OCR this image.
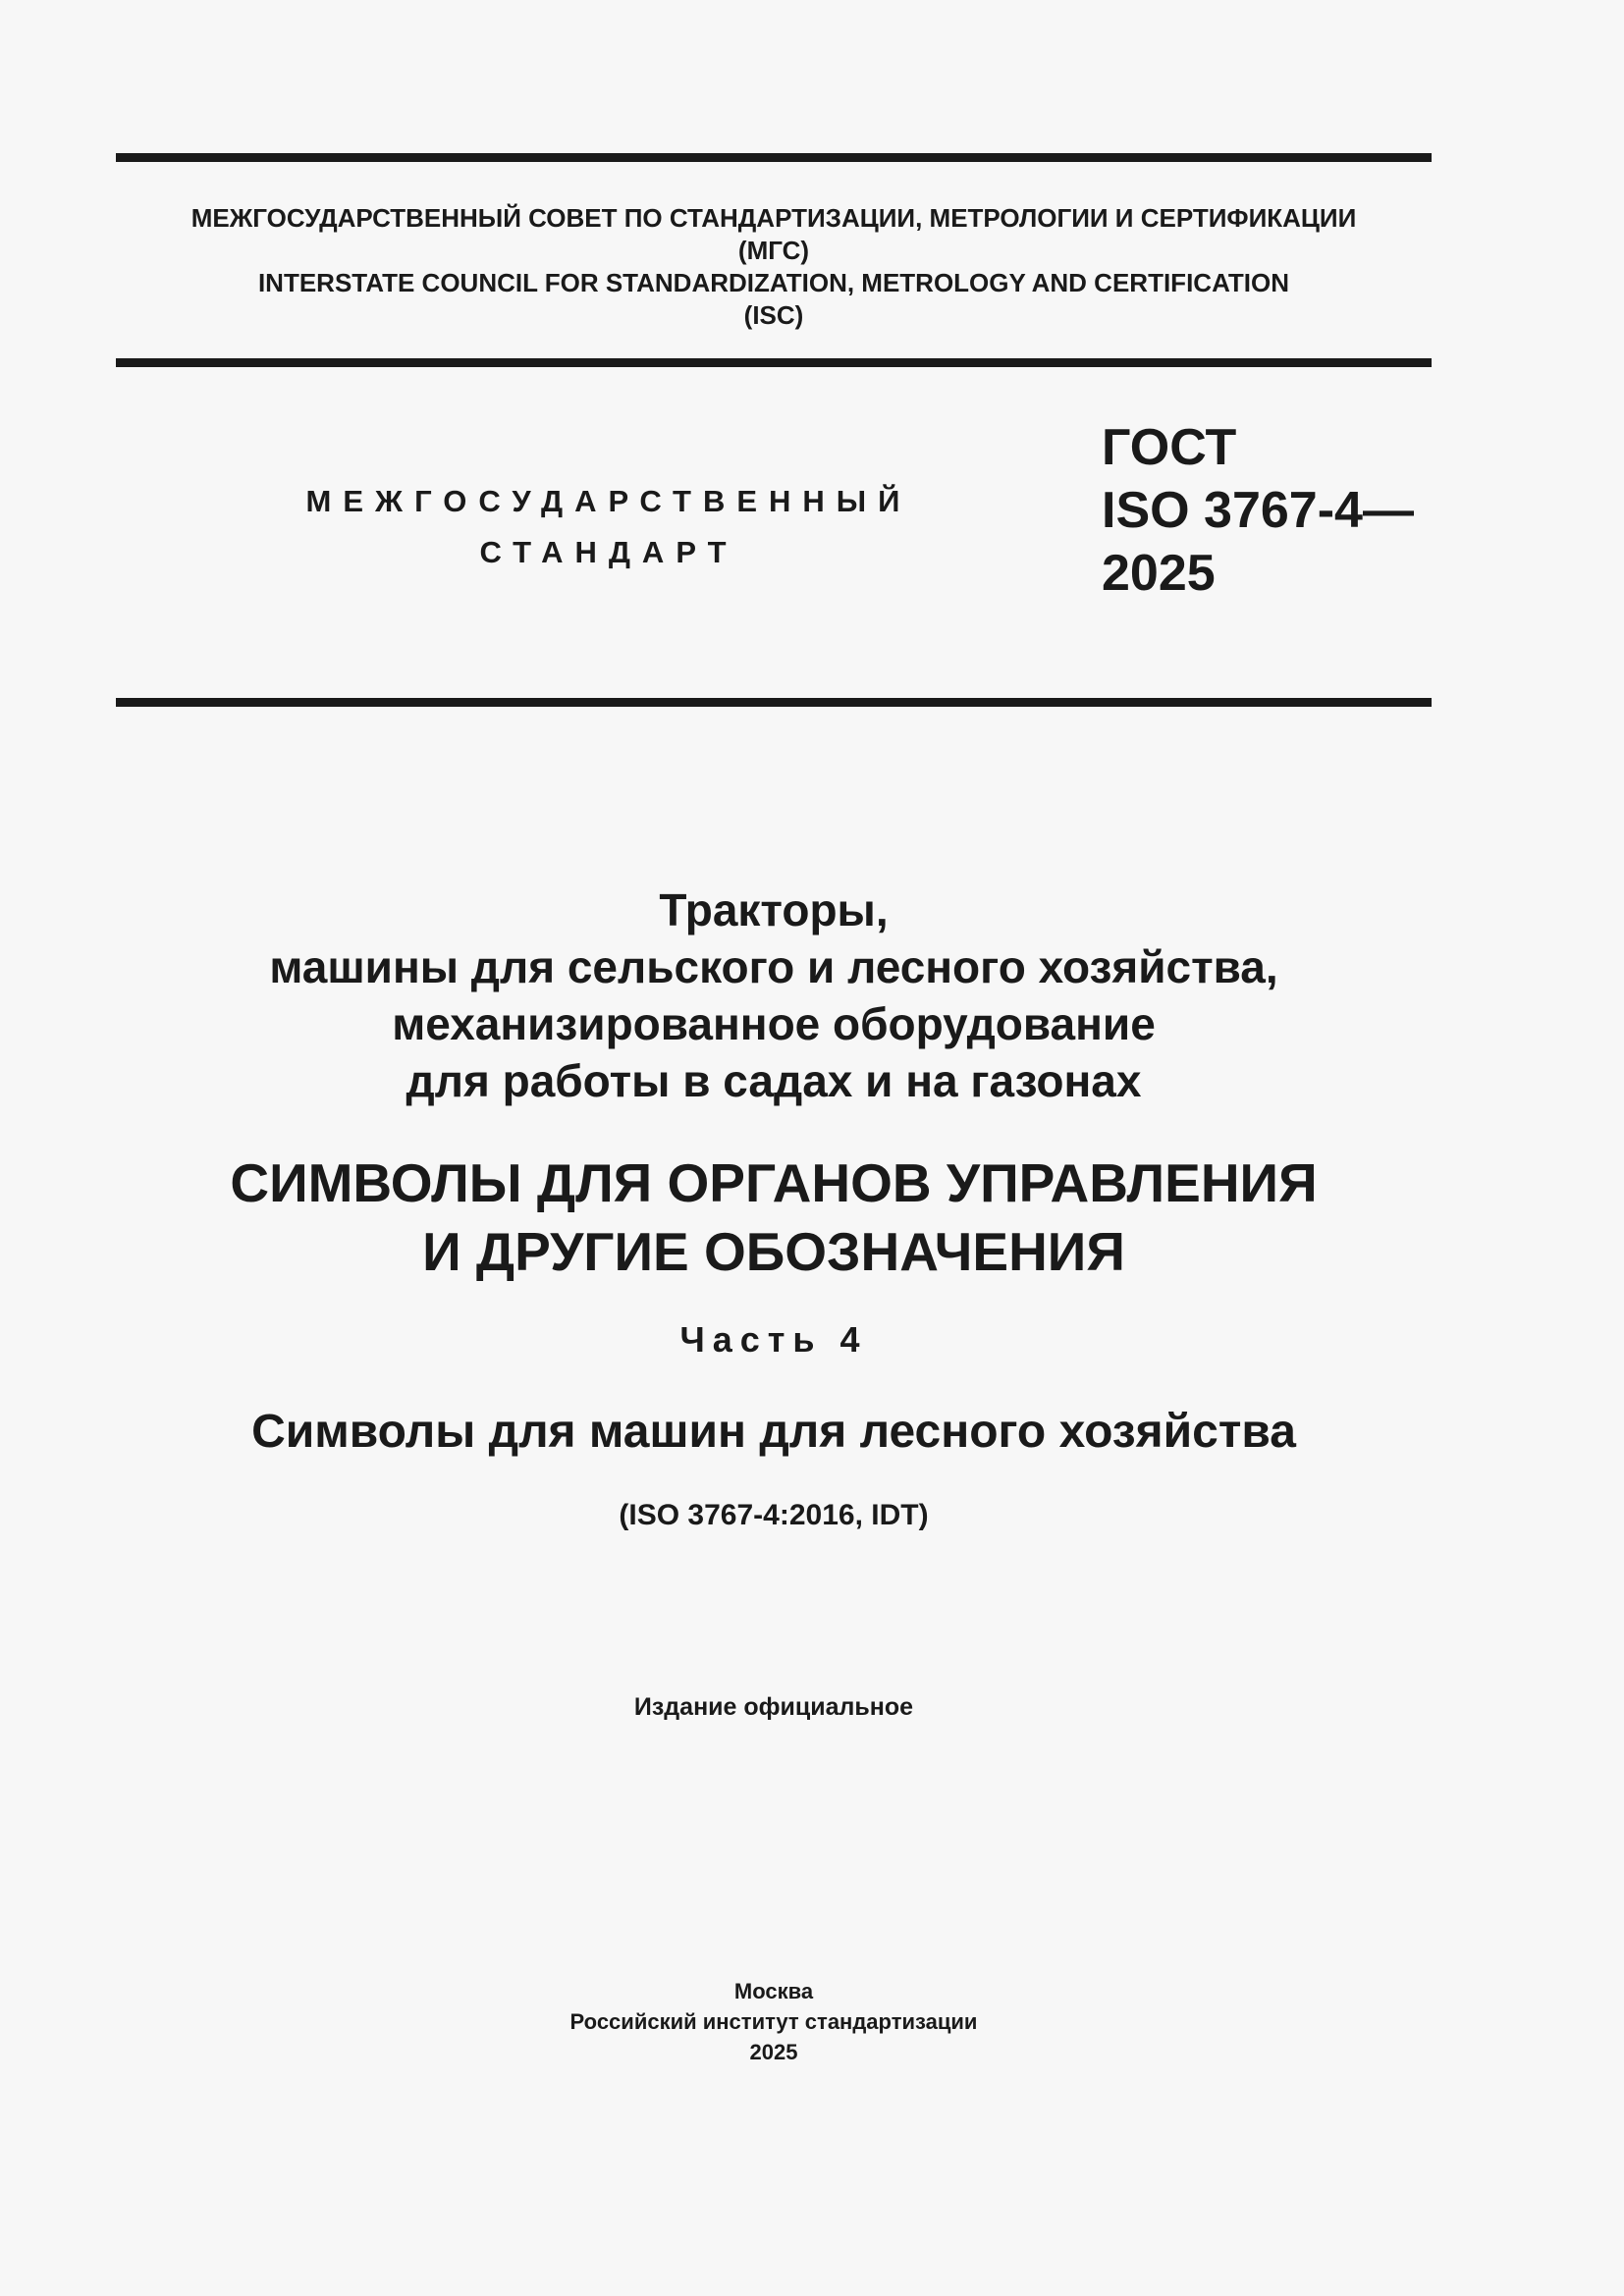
МЕЖГОСУДАРСТВЕННЫЙ СОВЕТ ПО СТАНДАРТИЗАЦИИ, МЕТРОЛОГИИ И СЕРТИФИКАЦИИ
(МГС)
INTERSTATE COUNCIL FOR STANDARDIZATION, METROLOGY AND CERTIFICATION
(ISC)
МЕЖГОСУДАРСТВЕННЫЙ
СТАНДАРТ
ГОСТ
ISO 3767-4—
2025
Тракторы,
машины для сельского и лесного хозяйства,
механизированное оборудование
для работы в садах и на газонах
СИМВОЛЫ ДЛЯ ОРГАНОВ УПРАВЛЕНИЯ
И ДРУГИЕ ОБОЗНАЧЕНИЯ
Часть 4
Символы для машин для лесного хозяйства
(ISO 3767-4:2016, IDT)
Издание официальное
Москва
Российский институт стандартизации
2025
